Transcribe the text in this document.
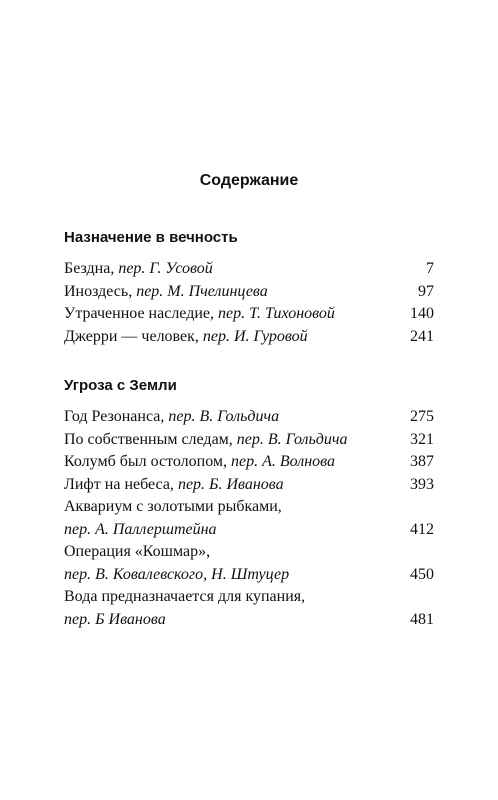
Содержание
Назначение в вечность
Бездна, пер. Г. Усовой	7
Иноздесь, пер. М. Пчелинцева	97
Утраченное наследие, пер. Т. Тихоновой	140
Джерри — человек, пер. И. Гуровой	241
Угроза с Земли
Год Резонанса, пер. В. Гольдича	275
По собственным следам, пер. В. Гольдича	321
Колумб был остолопом, пер. А. Волнова	387
Лифт на небеса, пер. Б. Иванова	393
Аквариум с золотыми рыбками,
пер. А. Паллерштейна	412
Операция «Кошмар»,
пер. В. Ковалевского, Н. Штуцер	450
Вода предназначается для купания,
пер. Б Иванова	481
